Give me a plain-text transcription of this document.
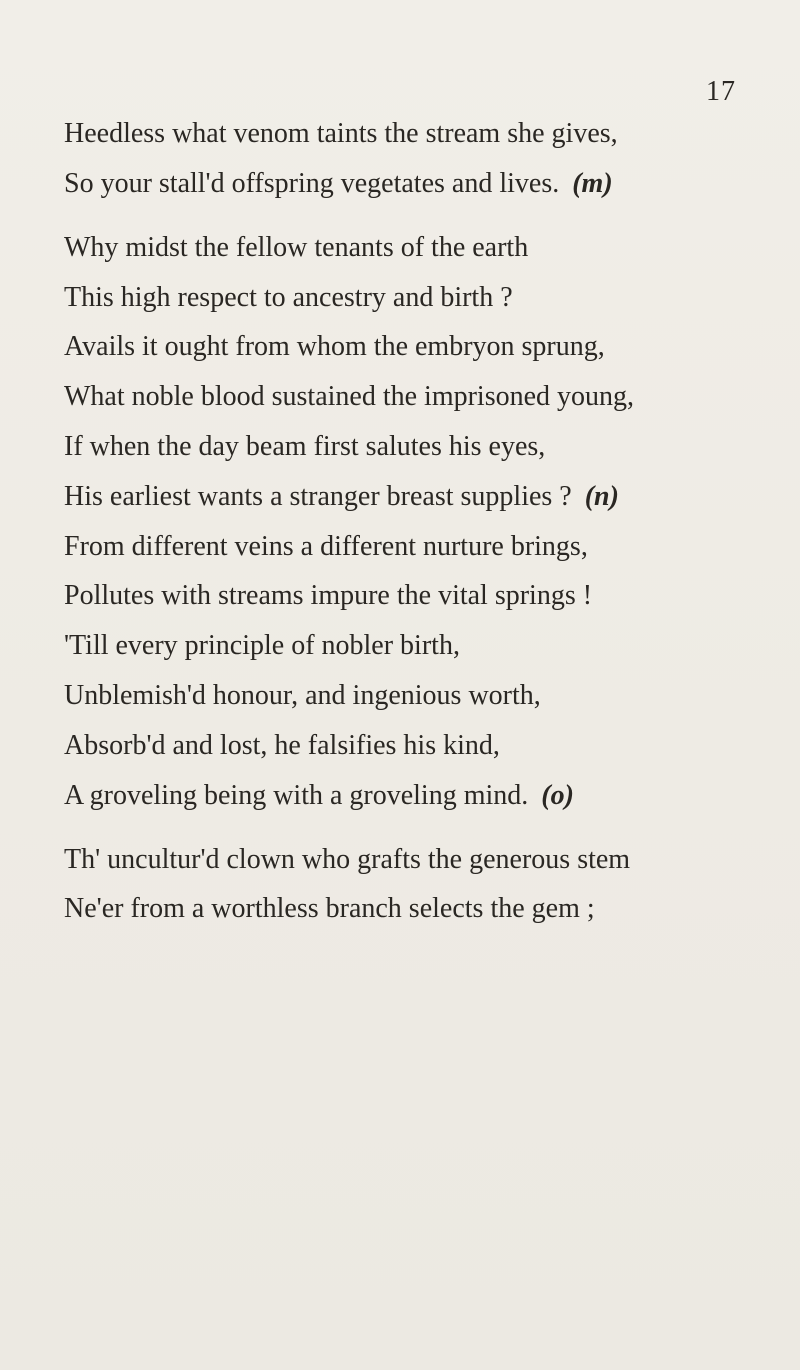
17
Heedless what venom taints the stream she gives,
So your stall'd offspring vegetates and lives. (m)
Why midst the fellow tenants of the earth
This high respect to ancestry and birth ?
Avails it ought from whom the embryon sprung,
What noble blood sustained the imprisoned young,
If when the day beam first salutes his eyes,
His earliest wants a stranger breast supplies ? (n)
From different veins a different nurture brings,
Pollutes with streams impure the vital springs !
'Till every principle of nobler birth,
Unblemish'd honour, and ingenious worth,
Absorb'd and lost, he falsifies his kind,
A groveling being with a groveling mind. (o)
Th' uncultur'd clown who grafts the generous stem
Ne'er from a worthless branch selects the gem ;
